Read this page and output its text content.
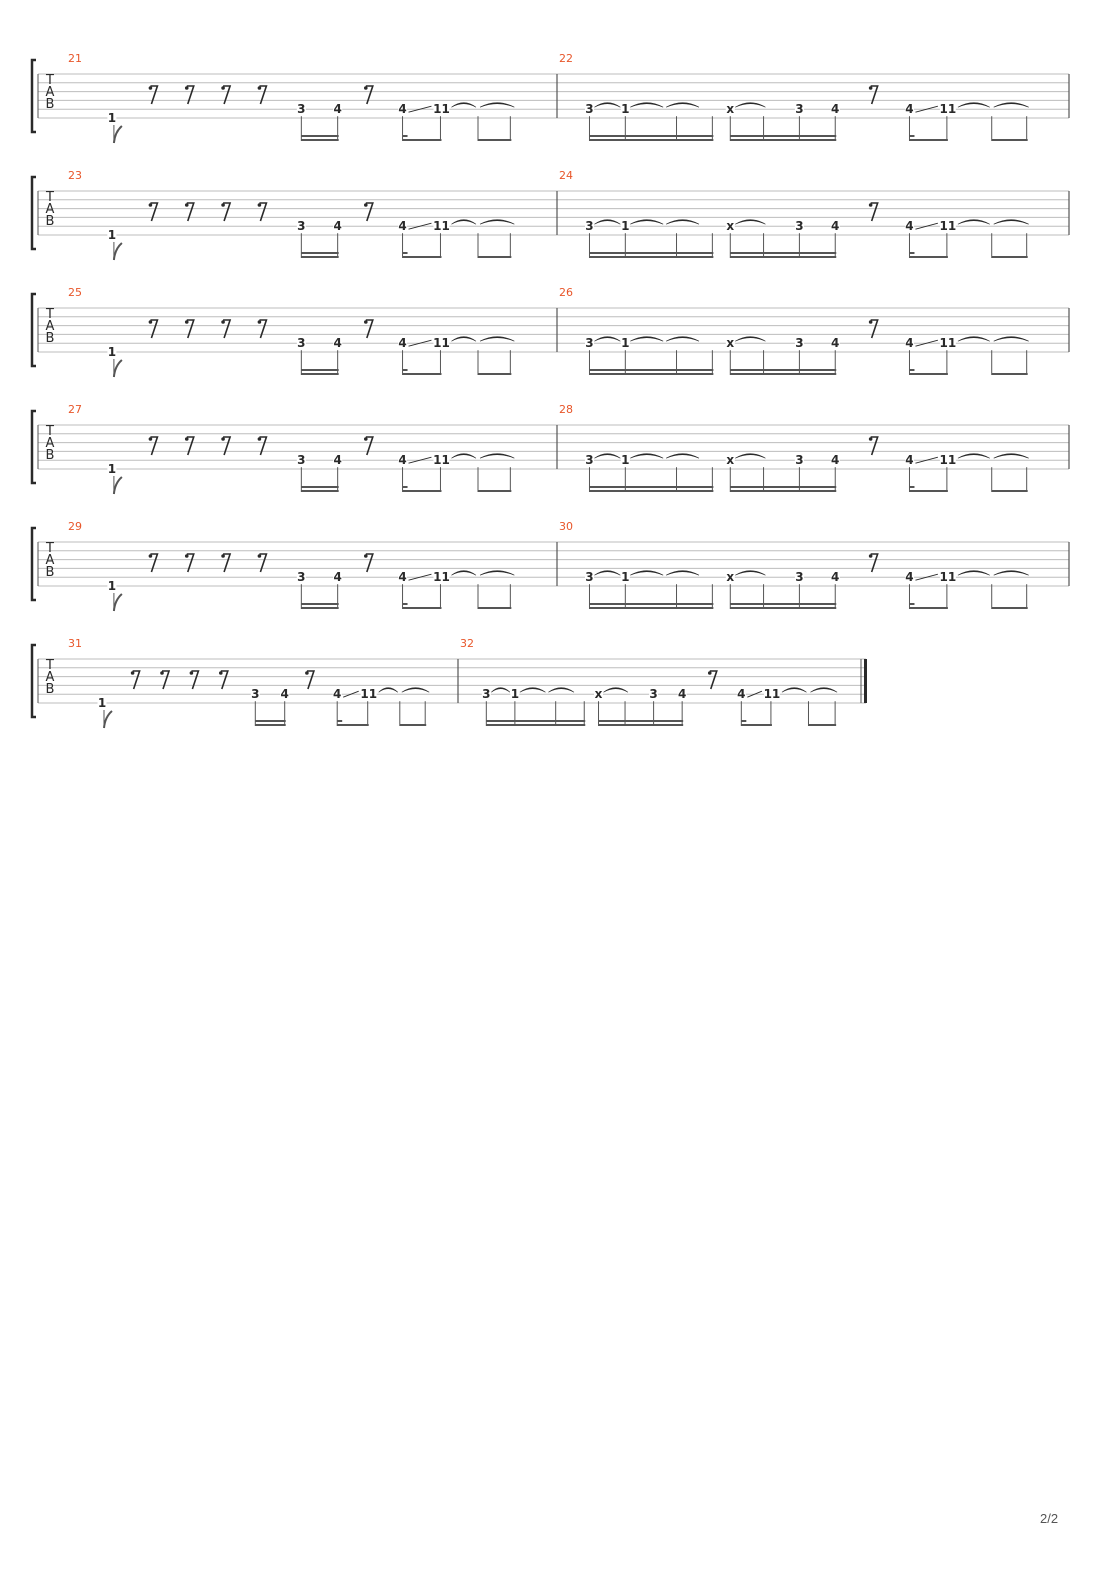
T
A
B
21
1
3 4	4 11
22
3 1	x	3 4	4 11
T
A
B
23
1
3 4	4 11
24
3 1	x	3 4	4 11
T
A
B
25
1
3 4	4 11
26
3 1	x	3 4	4 11
T
A
B
27
1
3 4	4 11
28
3 1	x	3 4	4 11
T
A
B
29
1
3 4	4 11
30
3 1	x	3 4	4 11
T
A
B
31
1
3 4	4 11
32
3 1	x	3 4	4 11
2/2
